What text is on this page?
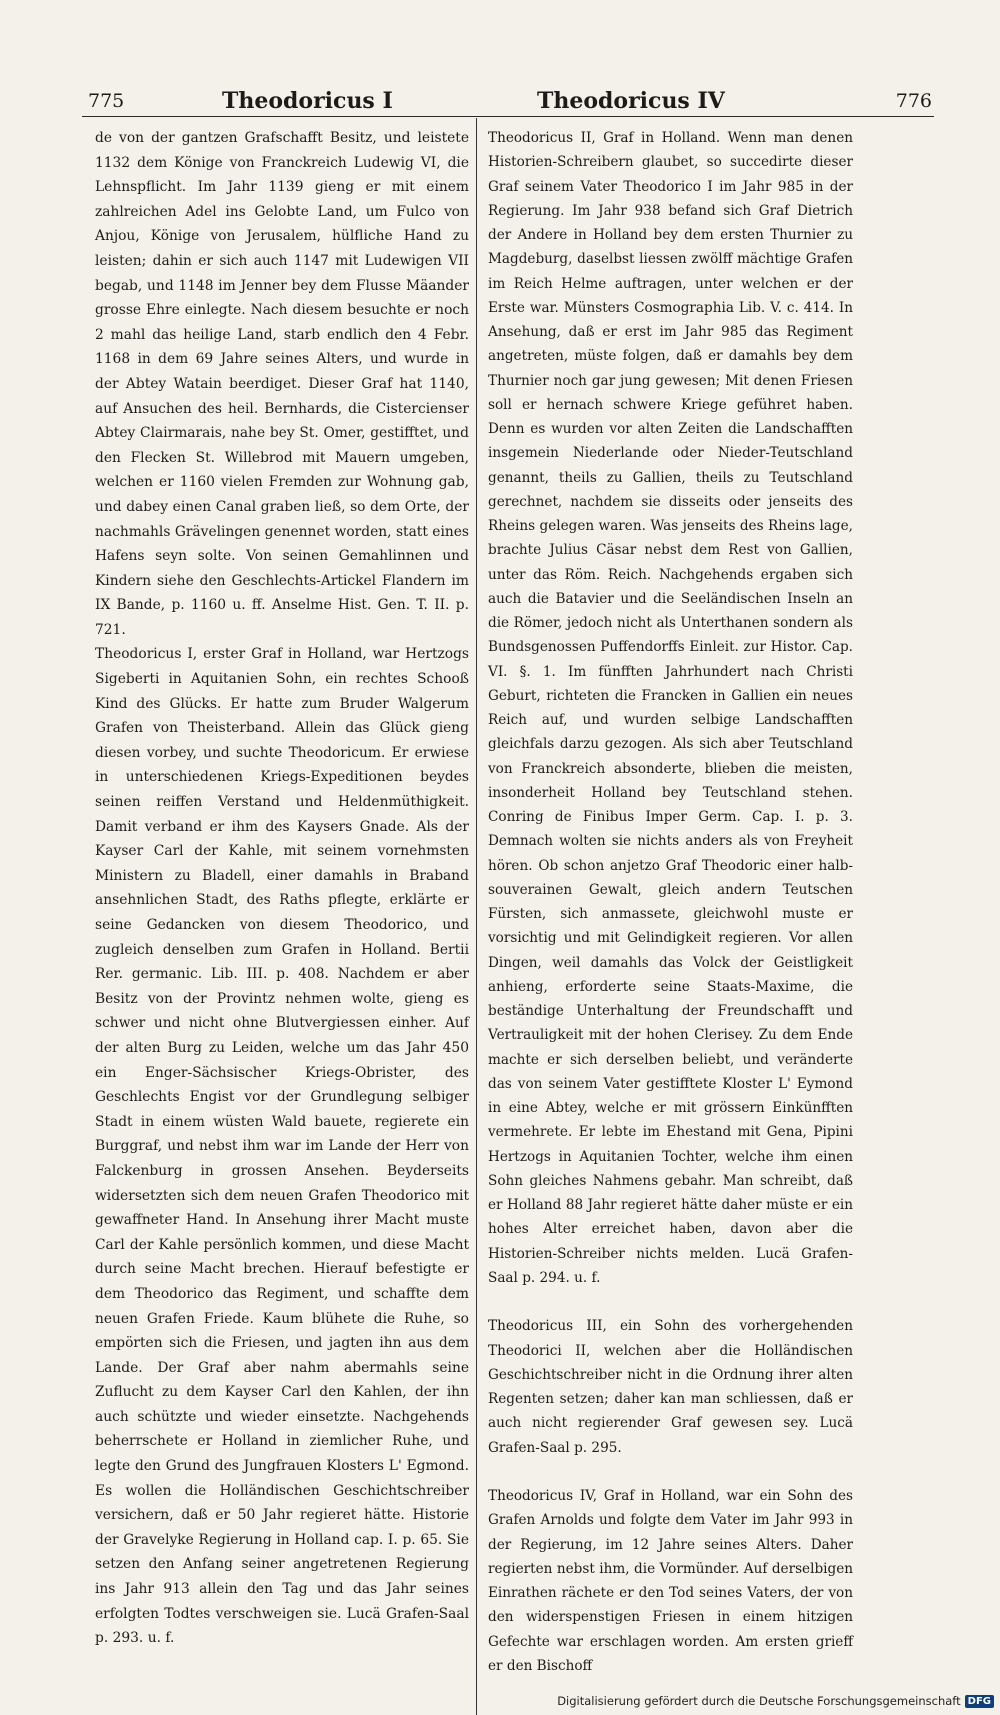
775	Theodoricus I	Theodoricus IV	776

de von der gantzen Grafschafft Besitz, und leistete 1132 dem Könige von Franckreich Ludewig VI, die Lehnspflicht. Im Jahr 1139 gieng er mit einem zahlreichen Adel ins Gelobte Land, um Fulco von Anjou, Könige von Jerusalem, hülfliche Hand zu leisten; dahin er sich auch 1147 mit Ludewigen VII begab, und 1148 im Jenner bey dem Flusse Mäander grosse Ehre einlegte. Nach diesem besuchte er noch 2 mahl das heilige Land, starb endlich den 4 Febr. 1168 in dem 69 Jahre seines Alters, und wurde in der Abtey Watain beerdiget. Dieser Graf hat 1140, auf Ansuchen des heil. Bernhards, die Cistercienser Abtey Clairmarais, nahe bey St. Omer, gestifftet, und den Flecken St. Willebrod mit Mauern umgeben, welchen er 1160 vielen Fremden zur Wohnung gab, und dabey einen Canal graben ließ, so dem Orte, der nachmahls Grävelingen genennet worden, statt eines Hafens seyn solte. Von seinen Gemahlinnen und Kindern siehe den Geschlechts-Artickel Flandern im IX Bande, p. 1160 u. ff. Anselme Hist. Gen. T. II. p. 721.

Theodoricus I, erster Graf in Holland, war Hertzogs Sigeberti in Aquitanien Sohn, ein rechtes Schooß Kind des Glücks. Er hatte zum Bruder Walgerum Grafen von Theisterband. Allein das Glück gieng diesen vorbey, und suchte Theodoricum. Er erwiese in unterschiedenen Kriegs-Expeditionen beydes seinen reiffen Verstand und Heldenmüthigkeit. Damit verband er ihm des Kaysers Gnade. Als der Kayser Carl der Kahle, mit seinem vornehmsten Ministern zu Bladell, einer damahls in Braband ansehnlichen Stadt, des Raths pflegte, erklärte er seine Gedancken von diesem Theodorico, und zugleich denselben zum Grafen in Holland. Bertii Rer. germanic. Lib. III. p. 408. Nachdem er aber Besitz von der Provintz nehmen wolte, gieng es schwer und nicht ohne Blutvergiessen einher. Auf der alten Burg zu Leiden, welche um das Jahr 450 ein Enger-Sächsischer Kriegs-Obrister, des Geschlechts Engist vor der Grundlegung selbiger Stadt in einem wüsten Wald bauete, regierete ein Burggraf, und nebst ihm war im Lande der Herr von Falckenburg in grossen Ansehen. Beyderseits widersetzten sich dem neuen Grafen Theodorico mit gewaffneter Hand. In Ansehung ihrer Macht muste Carl der Kahle persönlich kommen, und diese Macht durch seine Macht brechen. Hierauf befestigte er dem Theodorico das Regiment, und schaffte dem neuen Grafen Friede. Kaum blühete die Ruhe, so empörten sich die Friesen, und jagten ihn aus dem Lande. Der Graf aber nahm abermahls seine Zuflucht zu dem Kayser Carl den Kahlen, der ihn auch schützte und wieder einsetzte. Nachgehends beherrschete er Holland in ziemlicher Ruhe, und legte den Grund des Jungfrauen Klosters L' Egmond. Es wollen die Holländischen Geschichtschreiber versichern, daß er 50 Jahr regieret hätte. Historie der Gravelyke Regierung in Holland cap. I. p. 65. Sie setzen den Anfang seiner angetretenen Regierung ins Jahr 913 allein den Tag und das Jahr seines erfolgten Todtes verschweigen sie. Lucä Grafen-Saal p. 293. u. f.

Theodoricus II, Graf in Holland. Wenn man denen Historien-Schreibern glaubet, so succedirte dieser Graf seinem Vater Theodorico I im Jahr 985 in der Regierung. Im Jahr 938 befand sich Graf Dietrich der Andere in Holland bey dem ersten Thurnier zu Magdeburg, daselbst liessen zwölff mächtige Grafen im Reich Helme auftragen, unter welchen er der Erste war. Münsters Cosmographia Lib. V. c. 414. In Ansehung, daß er erst im Jahr 985 das Regiment angetreten, müste folgen, daß er damahls bey dem Thurnier noch gar jung gewesen; Mit denen Friesen soll er hernach schwere Kriege geführet haben. Denn es wurden vor alten Zeiten die Landschafften insgemein Niederlande oder Nieder-Teutschland genannt, theils zu Gallien, theils zu Teutschland gerechnet, nachdem sie disseits oder jenseits des Rheins gelegen waren. Was jenseits des Rheins lage, brachte Julius Cäsar nebst dem Rest von Gallien, unter das Röm. Reich. Nachgehends ergaben sich auch die Batavier und die Seeländischen Inseln an die Römer, jedoch nicht als Unterthanen sondern als Bundsgenossen Puffendorffs Einleit. zur Histor. Cap. VI. §. 1. Im fünfften Jahrhundert nach Christi Geburt, richteten die Francken in Gallien ein neues Reich auf, und wurden selbige Landschafften gleichfals darzu gezogen. Als sich aber Teutschland von Franckreich absonderte, blieben die meisten, insonderheit Holland bey Teutschland stehen. Conring de Finibus Imper Germ. Cap. I. p. 3. Demnach wolten sie nichts anders als von Freyheit hören. Ob schon anjetzo Graf Theodoric einer halb-souverainen Gewalt, gleich andern Teutschen Fürsten, sich anmassete, gleichwohl muste er vorsichtig und mit Gelindigkeit regieren. Vor allen Dingen, weil damahls das Volck der Geistligkeit anhieng, erforderte seine Staats-Maxime, die beständige Unterhaltung der Freundschafft und Vertrauligkeit mit der hohen Clerisey. Zu dem Ende machte er sich derselben beliebt, und veränderte das von seinem Vater gestifftete Kloster L' Eymond in eine Abtey, welche er mit grössern Einkünfften vermehrete. Er lebte im Ehestand mit Gena, Pipini Hertzogs in Aquitanien Tochter, welche ihm einen Sohn gleiches Nahmens gebahr. Man schreibt, daß er Holland 88 Jahr regieret hätte daher müste er ein hohes Alter erreichet haben, davon aber die Historien-Schreiber nichts melden. Lucä Grafen-Saal p. 294. u. f.

Theodoricus III, ein Sohn des vorhergehenden Theodorici II, welchen aber die Holländischen Geschichtschreiber nicht in die Ordnung ihrer alten Regenten setzen; daher kan man schliessen, daß er auch nicht regierender Graf gewesen sey. Lucä Grafen-Saal p. 295.

Theodoricus IV, Graf in Holland, war ein Sohn des Grafen Arnolds und folgte dem Vater im Jahr 993 in der Regierung, im 12 Jahre seines Alters. Daher regierten nebst ihm, die Vormünder. Auf derselbigen Einrathen rächete er den Tod seines Vaters, der von den widerspenstigen Friesen in einem hitzigen Gefechte war erschlagen worden. Am ersten grieff er den Bischoff

Digitalisierung gefördert durch die Deutsche Forschungsgemeinschaft DFG
